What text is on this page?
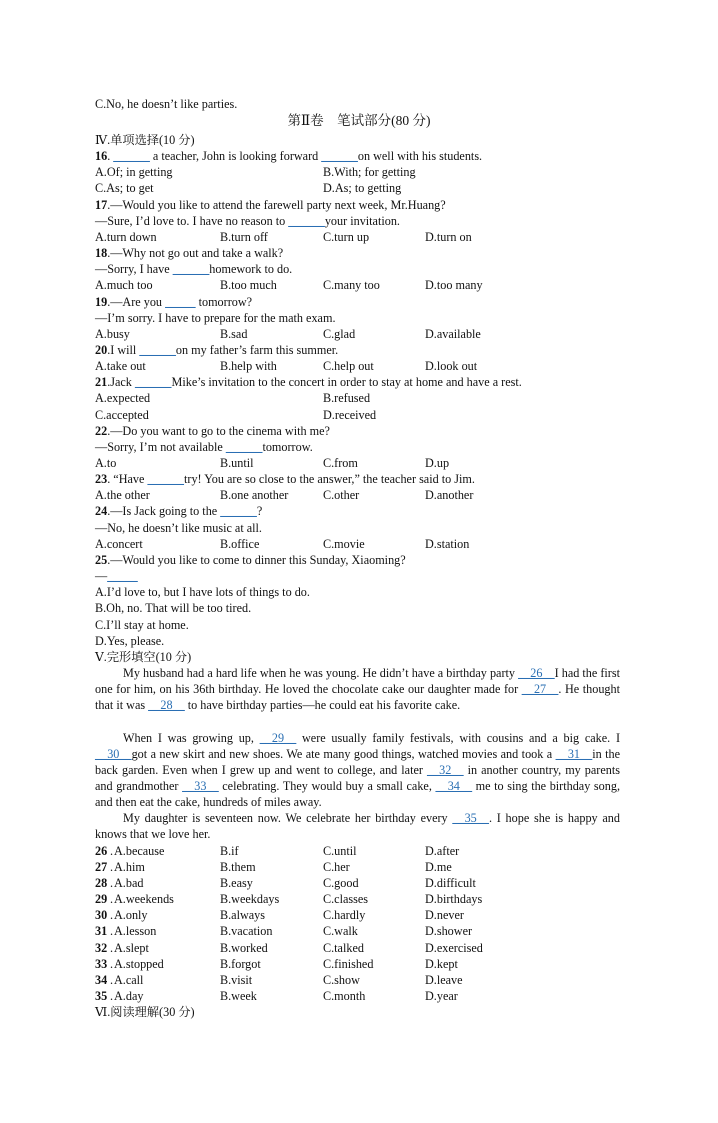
C.No, he doesn’t like parties.
第Ⅱ卷　笔试部分(80 分)
Ⅳ.单项选择(10 分)
16. ______ a teacher, John is looking forward ______on well with his students.
A.Of; in getting	B.With; for getting
C.As; to get	D.As; to getting
17.—Would you like to attend the farewell party next week, Mr.Huang?
—Sure, I’d love to. I have no reason to ______your invitation.
A.turn down	B.turn off	C.turn up	D.turn on
18.—Why not go out and take a walk?
—Sorry, I have ______homework to do.
A.much too	B.too much	C.many too	D.too many
19.—Are you _____ tomorrow?
—I’m sorry. I have to prepare for the math exam.
A.busy	B.sad	C.glad	D.available
20.I will ______on my father’s farm this summer.
A.take out	B.help with	C.help out	D.look out
21.Jack ______Mike’s invitation to the concert in order to stay at home and have a rest.
A.expected	B.refused
C.accepted	D.received
22.—Do you want to go to the cinema with me?
—Sorry, I’m not available ______tomorrow.
A.to	B.until	C.from	D.up
23. “Have ______try! You are so close to the answer,” the teacher said to Jim.
A.the other	B.one another	C.other	D.another
24.—Is Jack going to the ______?
—No, he doesn’t like music at all.
A.concert	B.office	C.movie	D.station
25.—Would you like to come to dinner this Sunday, Xiaoming?
—_____
A.I’d love to, but I have lots of things to do.
B.Oh, no. That will be too tired.
C.I’ll stay at home.
D.Yes, please.
Ⅴ.完形填空(10 分)
My husband had a hard life when he was young. He didn’t have a birthday party __26__I had the first one for him, on his 36th birthday. He loved the chocolate cake our daughter made for __27__. He thought that it was __28__ to have birthday parties—he could eat his favorite cake.
When I was growing up, __29__ were usually family festivals, with cousins and a big cake. I __30__got a new skirt and new shoes. We ate many good things, watched movies and took a __31__in the back garden. Even when I grew up and went to college, and later __32__ in another country, my parents and grandmother __33__ celebrating. They would buy a small cake, __34__ me to sing the birthday song, and then eat the cake, hundreds of miles away.
My daughter is seventeen now. We celebrate her birthday every __35__. I hope she is happy and knows that we love her.
26 . A.because	B.if	C.until	D.after
27 . A.him	B.them	C.her	D.me
28 . A.bad	B.easy	C.good	D.difficult
29 . A.weekends	B.weekdays	C.classes	D.birthdays
30 . A.only	B.always	C.hardly	D.never
31 . A.lesson	B.vacation	C.walk	D.shower
32 . A.slept	B.worked	C.talked	D.exercised
33 . A.stopped	B.forgot	C.finished	D.kept
34 . A.call	B.visit	C.show	D.leave
35 . A.day	B.week	C.month	D.year
Ⅵ.阅读理解(30 分)
